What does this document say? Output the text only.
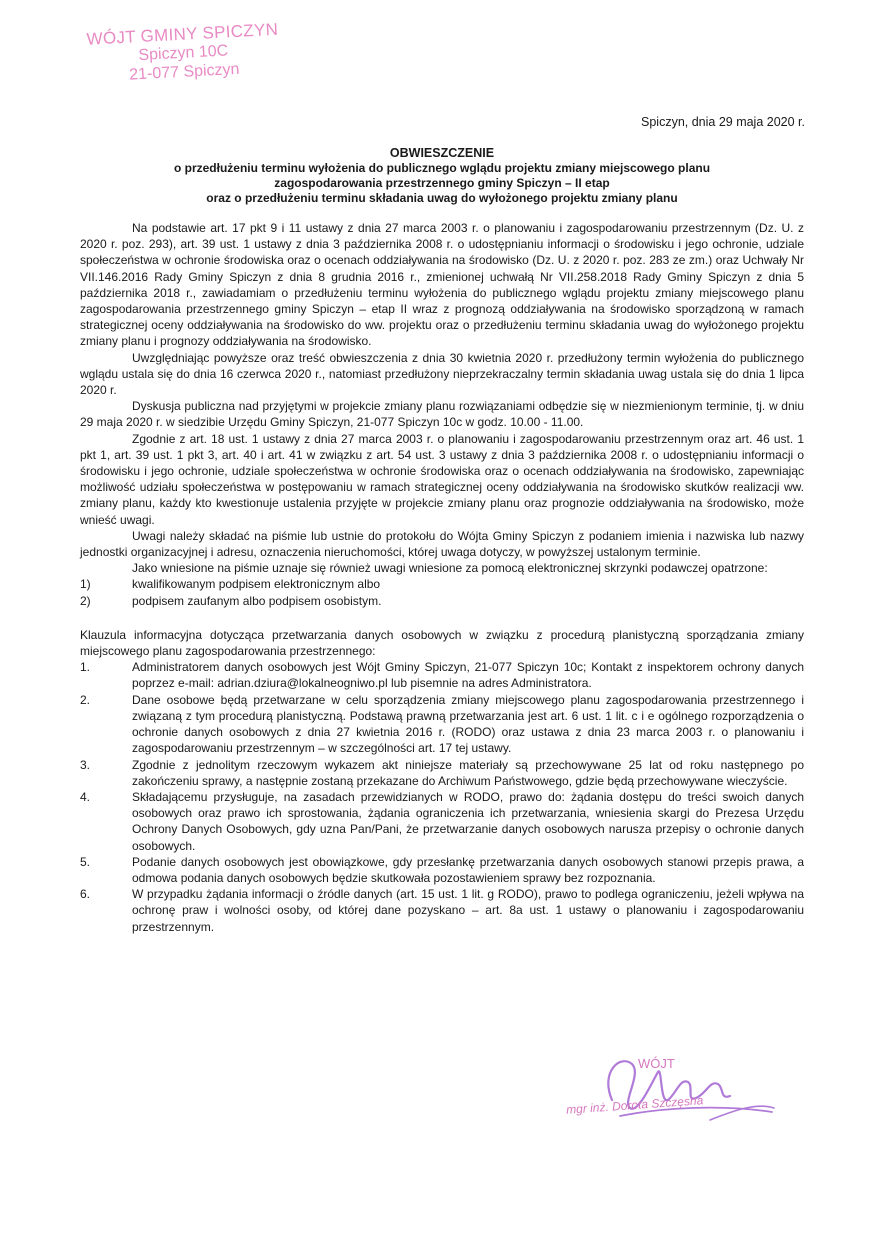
WÓJT GMINY SPICZYN
Spiczyn 10C
21-077 Spiczyn
Spiczyn, dnia 29 maja 2020 r.
OBWIESZCZENIE
o przedłużeniu terminu wyłożenia do publicznego wglądu projektu zmiany miejscowego planu
zagospodarowania przestrzennego gminy Spiczyn – II etap
oraz o przedłużeniu terminu składania uwag do wyłożonego projektu zmiany planu

Na podstawie art. 17 pkt 9 i 11 ustawy z dnia 27 marca 2003 r. o planowaniu i zagospodarowaniu przestrzennym (Dz. U. z 2020 r. poz. 293), art. 39 ust. 1 ustawy z dnia 3 października 2008 r. o udostępnianiu informacji o środowisku i jego ochronie, udziale społeczeństwa w ochronie środowiska oraz o ocenach oddziaływania na środowisko (Dz. U. z 2020 r. poz. 283 ze zm.) oraz Uchwały Nr VII.146.2016 Rady Gminy Spiczyn z dnia 8 grudnia 2016 r., zmienionej uchwałą Nr VII.258.2018 Rady Gminy Spiczyn z dnia 5 października 2018 r., zawiadamiam o przedłużeniu terminu wyłożenia do publicznego wglądu projektu zmiany miejscowego planu zagospodarowania przestrzennego gminy Spiczyn – etap II wraz z prognozą oddziaływania na środowisko sporządzoną w ramach strategicznej oceny oddziaływania na środowisko do ww. projektu oraz o przedłużeniu terminu składania uwag do wyłożonego projektu zmiany planu i prognozy oddziaływania na środowisko.

Uwzględniając powyższe oraz treść obwieszczenia z dnia 30 kwietnia 2020 r. przedłużony termin wyłożenia do publicznego wglądu ustala się do dnia 16 czerwca 2020 r., natomiast przedłużony nieprzekraczalny termin składania uwag ustala się do dnia 1 lipca 2020 r.

Dyskusja publiczna nad przyjętymi w projekcie zmiany planu rozwiązaniami odbędzie się w niezmienionym terminie, tj. w dniu 29 maja 2020 r. w siedzibie Urzędu Gminy Spiczyn, 21-077 Spiczyn 10c w godz. 10.00 - 11.00.

Zgodnie z art. 18 ust. 1 ustawy z dnia 27 marca 2003 r. o planowaniu i zagospodarowaniu przestrzennym oraz art. 46 ust. 1 pkt 1, art. 39 ust. 1 pkt 3, art. 40 i art. 41 w związku z art. 54 ust. 3 ustawy z dnia 3 października 2008 r. o udostępnianiu informacji o środowisku i jego ochronie, udziale społeczeństwa w ochronie środowiska oraz o ocenach oddziaływania na środowisko, zapewniając możliwość udziału społeczeństwa w postępowaniu w ramach strategicznej oceny oddziaływania na środowisko skutków realizacji ww. zmiany planu, każdy kto kwestionuje ustalenia przyjęte w projekcie zmiany planu oraz prognozie oddziaływania na środowisko, może wnieść uwagi.

Uwagi należy składać na piśmie lub ustnie do protokołu do Wójta Gminy Spiczyn z podaniem imienia i nazwiska lub nazwy jednostki organizacyjnej i adresu, oznaczenia nieruchomości, której uwaga dotyczy, w powyższej ustalonym terminie.

Jako wniesione na piśmie uznaje się również uwagi wniesione za pomocą elektronicznej skrzynki podawczej opatrzone:

1)	kwalifikowanym podpisem elektronicznym albo
2)	podpisem zaufanym albo podpisem osobistym.

Klauzula informacyjna dotycząca przetwarzania danych osobowych w związku z procedurą planistyczną sporządzania zmiany miejscowego planu zagospodarowania przestrzennego:

1.	Administratorem danych osobowych jest Wójt Gminy Spiczyn, 21-077 Spiczyn 10c; Kontakt z inspektorem ochrony danych poprzez e-mail: adrian.dziura@lokalneogniwo.pl lub pisemnie na adres Administratora.
2.	Dane osobowe będą przetwarzane w celu sporządzenia zmiany miejscowego planu zagospodarowania przestrzennego i związaną z tym procedurą planistyczną. Podstawą prawną przetwarzania jest art. 6 ust. 1 lit. c i e ogólnego rozporządzenia o ochronie danych osobowych z dnia 27 kwietnia 2016 r. (RODO) oraz ustawa z dnia 23 marca 2003 r. o planowaniu i zagospodarowaniu przestrzennym – w szczególności art. 17 tej ustawy.
3.	Zgodnie z jednolitym rzeczowym wykazem akt niniejsze materiały są przechowywane 25 lat od roku następnego po zakończeniu sprawy, a następnie zostaną przekazane do Archiwum Państwowego, gdzie będą przechowywane wieczyście.
4.	Składającemu przysługuje, na zasadach przewidzianych w RODO, prawo do: żądania dostępu do treści swoich danych osobowych oraz prawo ich sprostowania, żądania ograniczenia ich przetwarzania, wniesienia skargi do Prezesa Urzędu Ochrony Danych Osobowych, gdy uzna Pan/Pani, że przetwarzanie danych osobowych narusza przepisy o ochronie danych osobowych.
5.	Podanie danych osobowych jest obowiązkowe, gdy przesłankę przetwarzania danych osobowych stanowi przepis prawa, a odmowa podania danych osobowych będzie skutkowała pozostawieniem sprawy bez rozpoznania.
6.	W przypadku żądania informacji o źródle danych (art. 15 ust. 1 lit. g RODO), prawo to podlega ograniczeniu, jeżeli wpływa na ochronę praw i wolności osoby, od której dane pozyskano – art. 8a ust. 1 ustawy o planowaniu i zagospodarowaniu przestrzennym.
WÓJT
mgr inż. Dorota Szczęsna
